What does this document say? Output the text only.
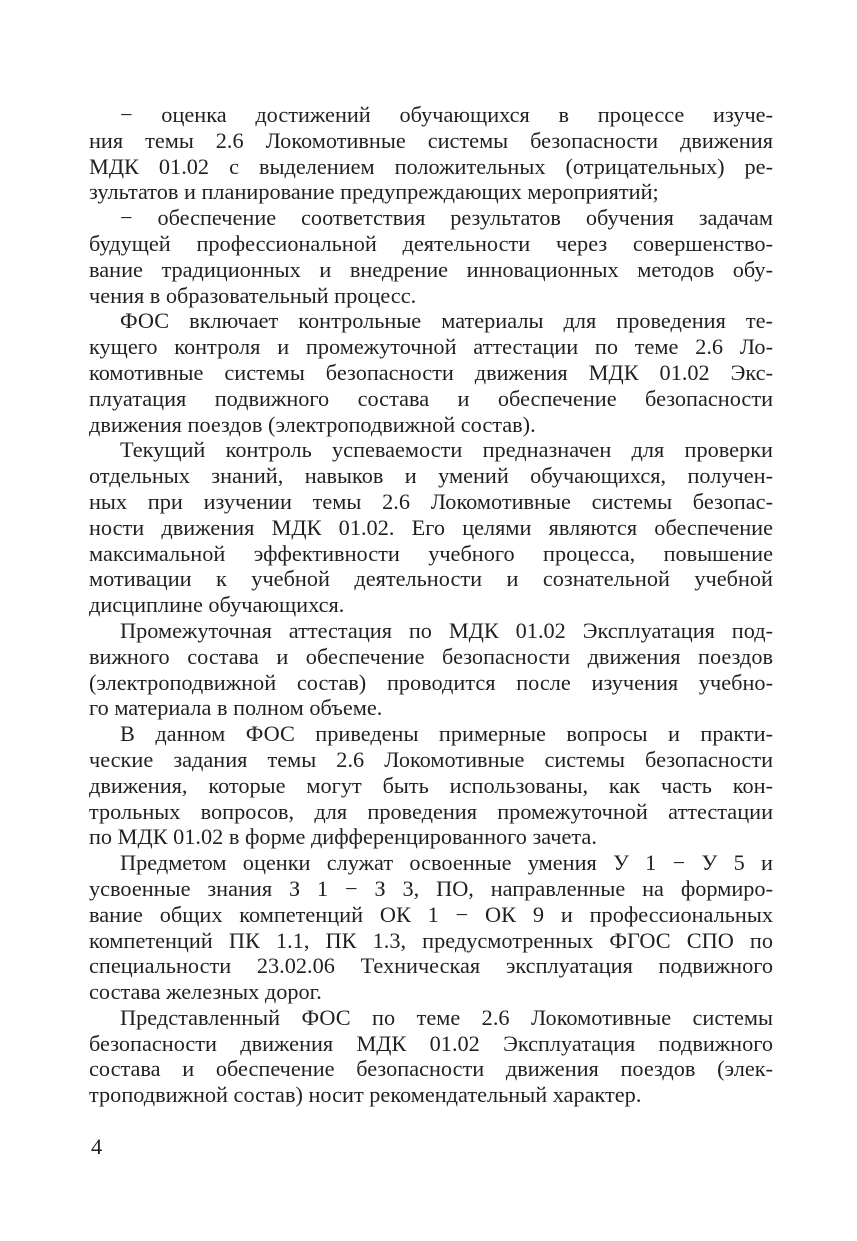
− оценка достижений обучающихся в процессе изуче-
ния темы 2.6 Локомотивные системы безопасности движения
МДК 01.02 с выделением положительных (отрицательных) ре-
зультатов и планирование предупреждающих мероприятий;
− обеспечение соответствия результатов обучения задачам
будущей профессиональной деятельности через совершенство-
вание традиционных и внедрение инновационных методов обу-
чения в образовательный процесс.
ФОС включает контрольные материалы для проведения те-
кущего контроля и промежуточной аттестации по теме 2.6 Ло-
комотивные системы безопасности движения МДК 01.02 Экс-
плуатация подвижного состава и обеспечение безопасности
движения поездов (электроподвижной состав).
Текущий контроль успеваемости предназначен для проверки
отдельных знаний, навыков и умений обучающихся, получен-
ных при изучении темы 2.6 Локомотивные системы безопас-
ности движения МДК 01.02. Его целями являются обеспечение
максимальной эффективности учебного процесса, повышение
мотивации к учебной деятельности и сознательной учебной
дисциплине обучающихся.
Промежуточная аттестация по МДК 01.02 Эксплуатация под-
вижного состава и обеспечение безопасности движения поездов
(электроподвижной состав) проводится после изучения учебно-
го материала в полном объеме.
В данном ФОС приведены примерные вопросы и практи-
ческие задания темы 2.6 Локомотивные системы безопасности
движения, которые могут быть использованы, как часть кон-
трольных вопросов, для проведения промежуточной аттестации
по МДК 01.02 в форме дифференцированного зачета.
Предметом оценки служат освоенные умения У 1 − У 5 и
усвоенные знания З 1 − З 3, ПО, направленные на формиро-
вание общих компетенций ОК 1 − ОК 9 и профессиональных
компетенций ПК 1.1, ПК 1.3, предусмотренных ФГОС СПО по
специальности 23.02.06 Техническая эксплуатация подвижного
состава железных дорог.
Представленный ФОС по теме 2.6 Локомотивные системы
безопасности движения МДК 01.02 Эксплуатация подвижного
состава и обеспечение безопасности движения поездов (элек-
троподвижной состав) носит рекомендательный характер.
4
